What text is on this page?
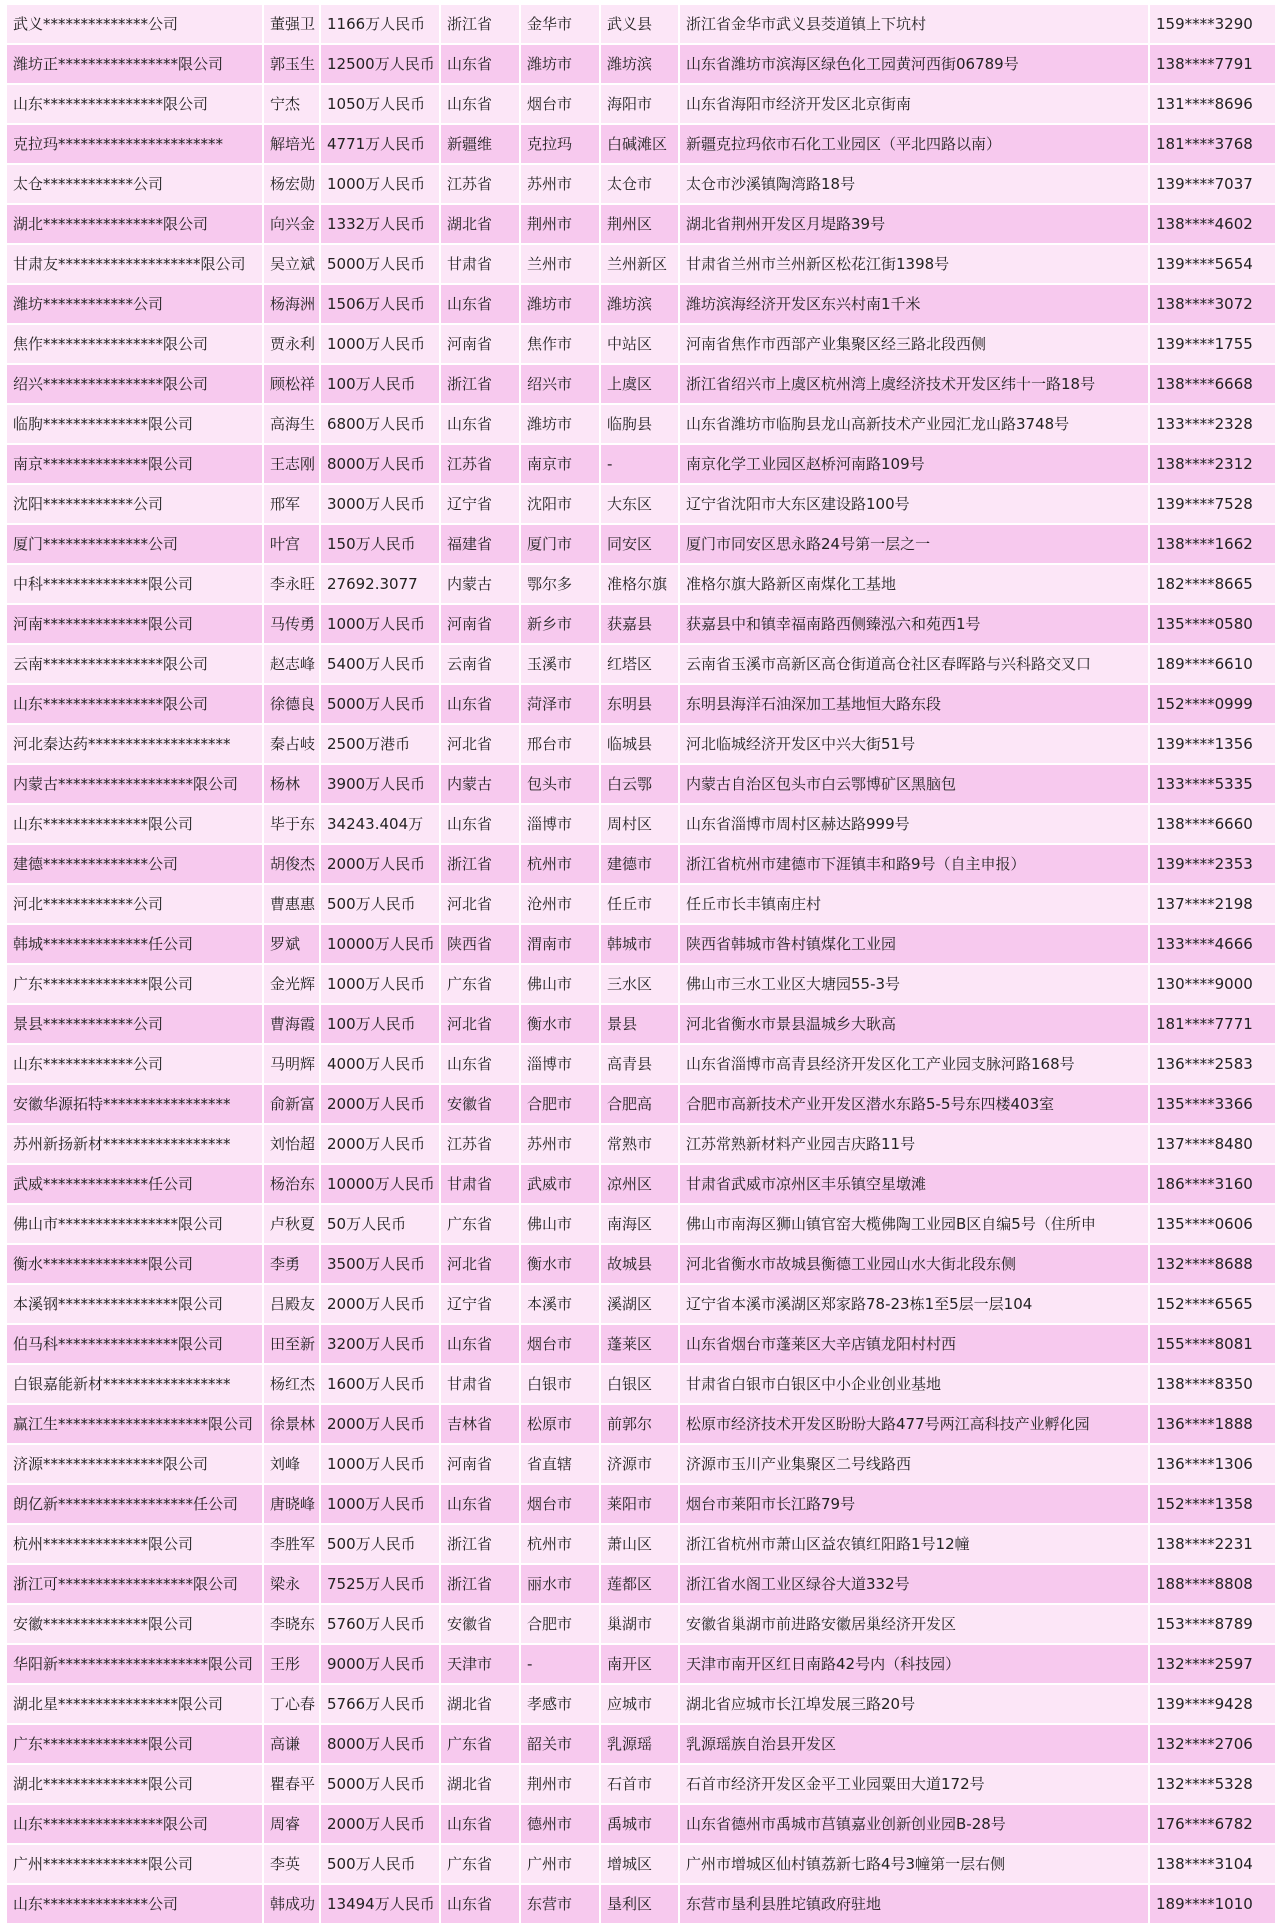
武义**************公司	董强卫	1166万人民币	浙江省	金华市	武义县	浙江省金华市武义县茭道镇上下坑村	159****3290
潍坊正****************限公司	郭玉生	12500万人民币	山东省	潍坊市	潍坊滨	山东省潍坊市滨海区绿色化工园黄河西街06789号	138****7791
山东****************限公司	宁杰	1050万人民币	山东省	烟台市	海阳市	山东省海阳市经济开发区北京街南	131****8696
克拉玛**********************	解培光	4771万人民币	新疆维	克拉玛	白碱滩区	新疆克拉玛依市石化工业园区（平北四路以南）	181****3768
太仓************公司	杨宏勋	1000万人民币	江苏省	苏州市	太仓市	太仓市沙溪镇陶湾路18号	139****7037
湖北****************限公司	向兴金	1332万人民币	湖北省	荆州市	荆州区	湖北省荆州开发区月堤路39号	138****4602
甘肃友*******************限公司	吴立斌	5000万人民币	甘肃省	兰州市	兰州新区	甘肃省兰州市兰州新区松花江街1398号	139****5654
潍坊************公司	杨海洲	1506万人民币	山东省	潍坊市	潍坊滨	潍坊滨海经济开发区东兴村南1千米	138****3072
焦作****************限公司	贾永利	1000万人民币	河南省	焦作市	中站区	河南省焦作市西部产业集聚区经三路北段西侧	139****1755
绍兴****************限公司	顾松祥	100万人民币	浙江省	绍兴市	上虞区	浙江省绍兴市上虞区杭州湾上虞经济技术开发区纬十一路18号	138****6668
临朐**************限公司	高海生	6800万人民币	山东省	潍坊市	临朐县	山东省潍坊市临朐县龙山高新技术产业园汇龙山路3748号	133****2328
南京**************限公司	王志刚	8000万人民币	江苏省	南京市	-	南京化学工业园区赵桥河南路109号	138****2312
沈阳************公司	邢军	3000万人民币	辽宁省	沈阳市	大东区	辽宁省沈阳市大东区建设路100号	139****7528
厦门**************公司	叶宫	150万人民币	福建省	厦门市	同安区	厦门市同安区思永路24号第一层之一	138****1662
中科**************限公司	李永旺	27692.3077	内蒙古	鄂尔多	准格尔旗	准格尔旗大路新区南煤化工基地	182****8665
河南**************限公司	马传勇	1000万人民币	河南省	新乡市	获嘉县	获嘉县中和镇幸福南路西侧臻泓六和苑西1号	135****0580
云南****************限公司	赵志峰	5400万人民币	云南省	玉溪市	红塔区	云南省玉溪市高新区高仓街道高仓社区春晖路与兴科路交叉口	189****6610
山东****************限公司	徐德良	5000万人民币	山东省	菏泽市	东明县	东明县海洋石油深加工基地恒大路东段	152****0999
河北秦达药*******************	秦占岐	2500万港币	河北省	邢台市	临城县	河北临城经济开发区中兴大街51号	139****1356
内蒙古******************限公司	杨林	3900万人民币	内蒙古	包头市	白云鄂	内蒙古自治区包头市白云鄂博矿区黑脑包	133****5335
山东**************限公司	毕于东	34243.404万	山东省	淄博市	周村区	山东省淄博市周村区赫达路999号	138****6660
建德**************公司	胡俊杰	2000万人民币	浙江省	杭州市	建德市	浙江省杭州市建德市下涯镇丰和路9号（自主申报）	139****2353
河北************公司	曹惠惠	500万人民币	河北省	沧州市	任丘市	任丘市长丰镇南庄村	137****2198
韩城**************任公司	罗斌	10000万人民币	陕西省	渭南市	韩城市	陕西省韩城市昝村镇煤化工业园	133****4666
广东**************限公司	金光辉	1000万人民币	广东省	佛山市	三水区	佛山市三水工业区大塘园55-3号	130****9000
景县************公司	曹海霞	100万人民币	河北省	衡水市	景县	河北省衡水市景县温城乡大耿高	181****7771
山东************公司	马明辉	4000万人民币	山东省	淄博市	高青县	山东省淄博市高青县经济开发区化工产业园支脉河路168号	136****2583
安徽华源拓特*****************	俞新富	2000万人民币	安徽省	合肥市	合肥高	合肥市高新技术产业开发区潜水东路5-5号东四楼403室	135****3366
苏州新扬新材*****************	刘怡超	2000万人民币	江苏省	苏州市	常熟市	江苏常熟新材料产业园吉庆路11号	137****8480
武威**************任公司	杨治东	10000万人民币	甘肃省	武威市	凉州区	甘肃省武威市凉州区丰乐镇空星墩滩	186****3160
佛山市****************限公司	卢秋夏	50万人民币	广东省	佛山市	南海区	佛山市南海区狮山镇官窑大榄佛陶工业园B区自编5号（住所申	135****0606
衡水**************限公司	李勇	3500万人民币	河北省	衡水市	故城县	河北省衡水市故城县衡德工业园山水大街北段东侧	132****8688
本溪钢****************限公司	吕殿友	2000万人民币	辽宁省	本溪市	溪湖区	辽宁省本溪市溪湖区郑家路78-23栋1至5层一层104	152****6565
伯马科****************限公司	田至新	3200万人民币	山东省	烟台市	蓬莱区	山东省烟台市蓬莱区大辛店镇龙阳村村西	155****8081
白银嘉能新材*****************	杨红杰	1600万人民币	甘肃省	白银市	白银区	甘肃省白银市白银区中小企业创业基地	138****8350
赢江生********************限公司	徐景林	2000万人民币	吉林省	松原市	前郭尔	松原市经济技术开发区盼盼大路477号两江高科技产业孵化园	136****1888
济源****************限公司	刘峰	1000万人民币	河南省	省直辖	济源市	济源市玉川产业集聚区二号线路西	136****1306
朗亿新******************任公司	唐晓峰	1000万人民币	山东省	烟台市	莱阳市	烟台市莱阳市长江路79号	152****1358
杭州**************限公司	李胜军	500万人民币	浙江省	杭州市	萧山区	浙江省杭州市萧山区益农镇红阳路1号12幢	138****2231
浙江可******************限公司	梁永	7525万人民币	浙江省	丽水市	莲都区	浙江省水阁工业区绿谷大道332号	188****8808
安徽**************限公司	李晓东	5760万人民币	安徽省	合肥市	巢湖市	安徽省巢湖市前进路安徽居巢经济开发区	153****8789
华阳新********************限公司	王彤	9000万人民币	天津市	-	南开区	天津市南开区红日南路42号内（科技园）	132****2597
湖北星****************限公司	丁心春	5766万人民币	湖北省	孝感市	应城市	湖北省应城市长江埠发展三路20号	139****9428
广东**************限公司	高谦	8000万人民币	广东省	韶关市	乳源瑶	乳源瑶族自治县开发区	132****2706
湖北**************限公司	瞿春平	5000万人民币	湖北省	荆州市	石首市	石首市经济开发区金平工业园粟田大道172号	132****5328
山东****************限公司	周睿	2000万人民币	山东省	德州市	禹城市	山东省德州市禹城市莒镇嘉业创新创业园B-28号	176****6782
广州**************限公司	李英	500万人民币	广东省	广州市	增城区	广州市增城区仙村镇荔新七路4号3幢第一层右侧	138****3104
山东**************公司	韩成功	13494万人民币	山东省	东营市	垦利区	东营市垦利县胜坨镇政府驻地	189****1010
